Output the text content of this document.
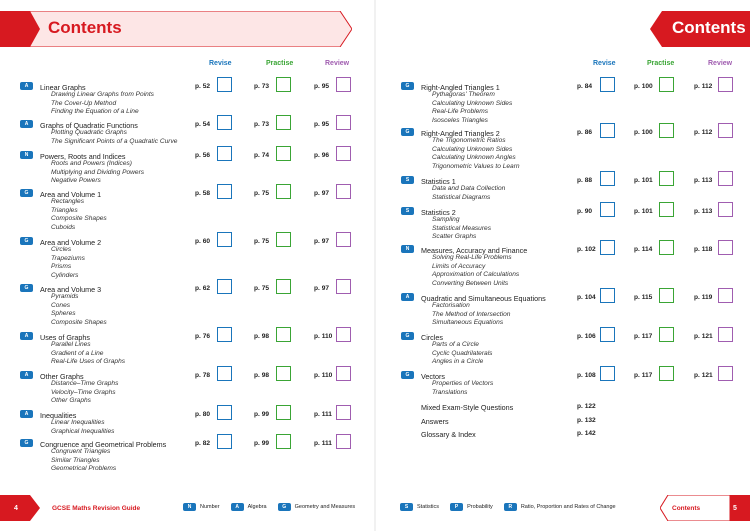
Contents	Contents
Revise	Practise	Review	Revise	Practise	Review
A	Linear Graphs
Drawing Linear Graphs from Points
The Cover-Up Method
Finding the Equation of a Line
p. 52	p. 73	p. 95
A	Graphs of Quadratic Functions
Plotting Quadratic Graphs
The Significant Points of a Quadratic Curve
p. 54	p. 73	p. 95
N	Powers, Roots and Indices
Roots and Powers (Indices)
Multiplying and Dividing Powers
Negative Powers
p. 56	p. 74	p. 96
G	Area and Volume 1
Rectangles
Triangles
Composite Shapes
Cuboids
p. 58	p. 75	p. 97
G	Area and Volume 2
Circles
Trapeziums
Prisms
Cylinders
p. 60	p. 75	p. 97
G	Area and Volume 3
Pyramids
Cones
Spheres
Composite Shapes
p. 62	p. 75	p. 97
A	Uses of Graphs
Parallel Lines
Gradient of a Line
Real-Life Uses of Graphs
p. 76	p. 98	p. 110
A	Other Graphs
Distance–Time Graphs
Velocity–Time Graphs
Other Graphs
p. 78	p. 98	p. 110
A	Inequalities
Linear Inequalities
Graphical Inequalities
p. 80	p. 99	p. 111
G	Congruence and Geometrical Problems
Congruent Triangles
Similar Triangles
Geometrical Problems
p. 82	p. 99	p. 111
G	Right-Angled Triangles 1
Pythagoras' Theorem
Calculating Unknown Sides
Real-Life Problems
Isosceles Triangles
p. 84	p. 100	p. 112
G	Right-Angled Triangles 2
The Trigonometric Ratios
Calculating Unknown Sides
Calculating Unknown Angles
Trigonometric Values to Learn
p. 86	p. 100	p. 112
S	Statistics 1
Data and Data Collection
Statistical Diagrams
p. 88	p. 101	p. 113
S	Statistics 2
Sampling
Statistical Measures
Scatter Graphs
p. 90	p. 101	p. 113
N	Measures, Accuracy and Finance
Solving Real-Life Problems
Limits of Accuracy
Approximation of Calculations
Converting Between Units
p. 102	p. 114	p. 118
A	Quadratic and Simultaneous Equations
Factorisation
The Method of Intersection
Simultaneous Equations
p. 104	p. 115	p. 119
G	Circles
Parts of a Circle
Cyclic Quadrilaterals
Angles in a Circle
p. 106	p. 117	p. 121
G	Vectors
Properties of Vectors
Translations
p. 108	p. 117	p. 121
Mixed Exam-Style Questions	p. 122
Answers	p. 132
Glossary & Index	p. 142
4	GCSE Maths Revision Guide	N Number	A Algebra	G Geometry and Measures	S Statistics	P Probability	R Ratio, Proportion and Rates of Change	Contents	5
